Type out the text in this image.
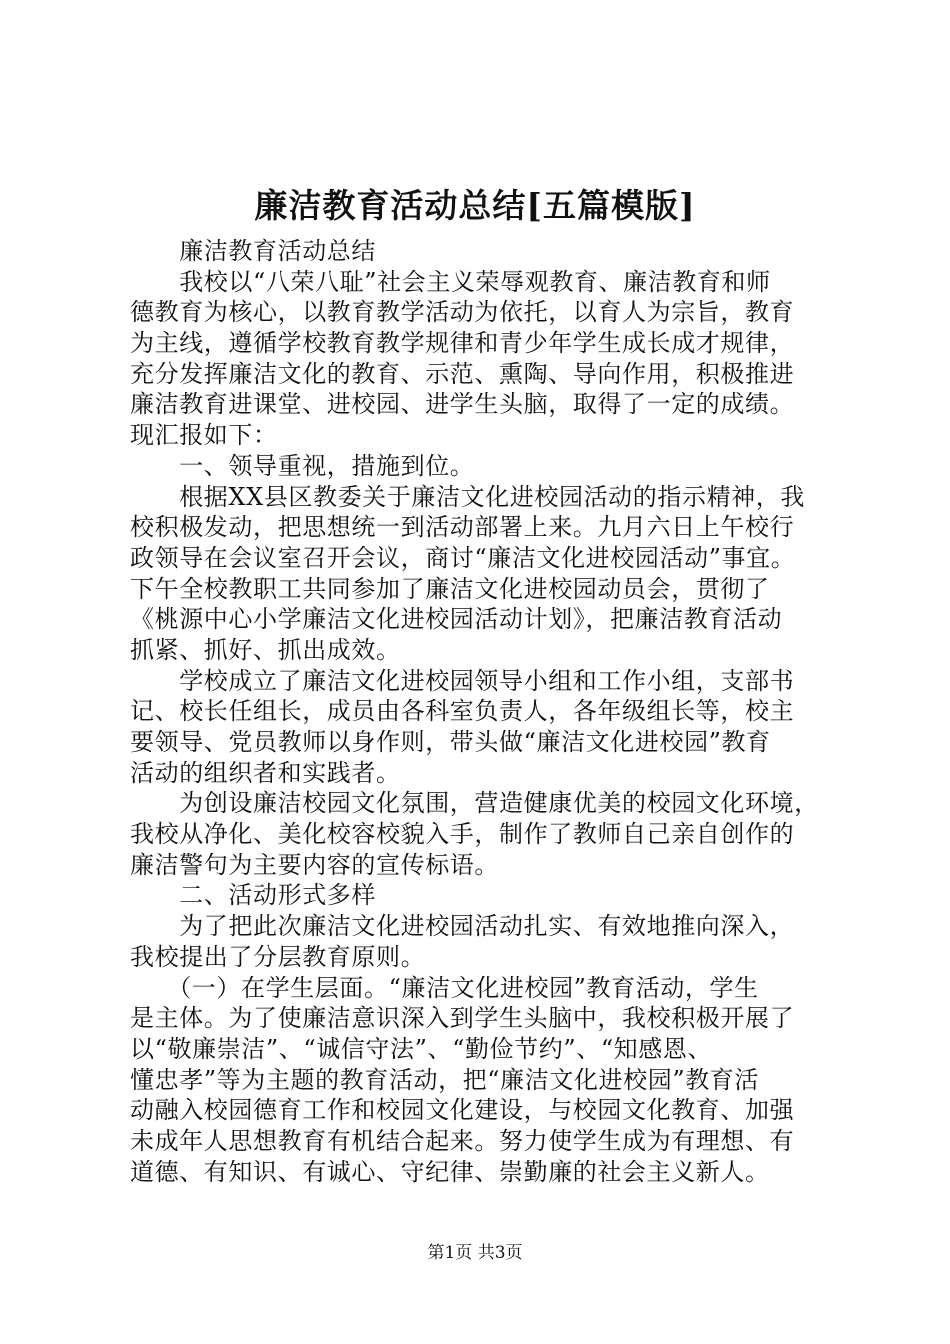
廉洁教育活动总结[五篇模版]
　　廉洁教育活动总结
　　我校以“八荣八耻”社会主义荣辱观教育、廉洁教育和师
德教育为核心，以教育教学活动为依托，以育人为宗旨，教育
为主线，遵循学校教育教学规律和青少年学生成长成才规律，
充分发挥廉洁文化的教育、示范、熏陶、导向作用，积极推进
廉洁教育进课堂、进校园、进学生头脑，取得了一定的成绩。
现汇报如下：
　　一、领导重视，措施到位。
　　根据XX县区教委关于廉洁文化进校园活动的指示精神，我
校积极发动，把思想统一到活动部署上来。九月六日上午校行
政领导在会议室召开会议，商讨“廉洁文化进校园活动”事宜。
下午全校教职工共同参加了廉洁文化进校园动员会，贯彻了
《桃源中心小学廉洁文化进校园活动计划》，把廉洁教育活动
抓紧、抓好、抓出成效。
　　学校成立了廉洁文化进校园领导小组和工作小组，支部书
记、校长任组长，成员由各科室负责人，各年级组长等，校主
要领导、党员教师以身作则，带头做“廉洁文化进校园”教育
活动的组织者和实践者。
　　为创设廉洁校园文化氛围，营造健康优美的校园文化环境，
我校从净化、美化校容校貌入手，制作了教师自己亲自创作的
廉洁警句为主要内容的宣传标语。
　　二、活动形式多样
　　为了把此次廉洁文化进校园活动扎实、有效地推向深入，
我校提出了分层教育原则。
　　（一）在学生层面。“廉洁文化进校园”教育活动，学生
是主体。为了使廉洁意识深入到学生头脑中，我校积极开展了
以“敬廉崇洁”、“诚信守法”、“勤俭节约”、“知感恩、
懂忠孝”等为主题的教育活动，把“廉洁文化进校园”教育活
动融入校园德育工作和校园文化建设，与校园文化教育、加强
未成年人思想教育有机结合起来。努力使学生成为有理想、有
道德、有知识、有诚心、守纪律、崇勤廉的社会主义新人。
第1页 共3页
